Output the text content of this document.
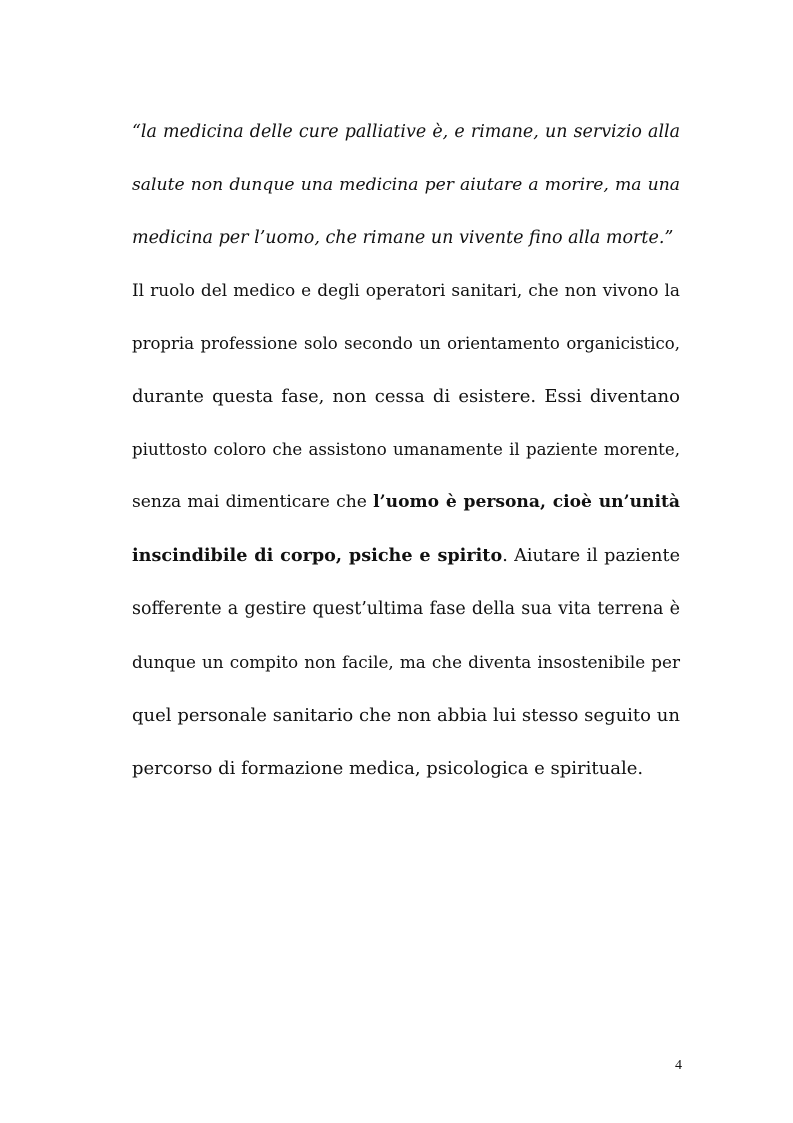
“la medicina delle cure palliative è, e rimane, un servizio alla
salute non dunque una medicina per aiutare a morire, ma una
medicina per l’uomo, che rimane un vivente fino alla morte.”
Il ruolo del medico e degli operatori sanitari, che non vivono la
propria professione solo secondo un orientamento organicistico,
durante questa fase, non cessa di esistere. Essi diventano
piuttosto coloro che assistono umanamente il paziente morente,
senza mai dimenticare che l’uomo è persona, cioè un’unità
inscindibile di corpo, psiche e spirito. Aiutare il paziente
sofferente a gestire quest’ultima fase della sua vita terrena è
dunque un compito non facile, ma che diventa insostenibile per
quel personale sanitario che non abbia lui stesso seguito un
percorso di formazione medica, psicologica e spirituale.
4
